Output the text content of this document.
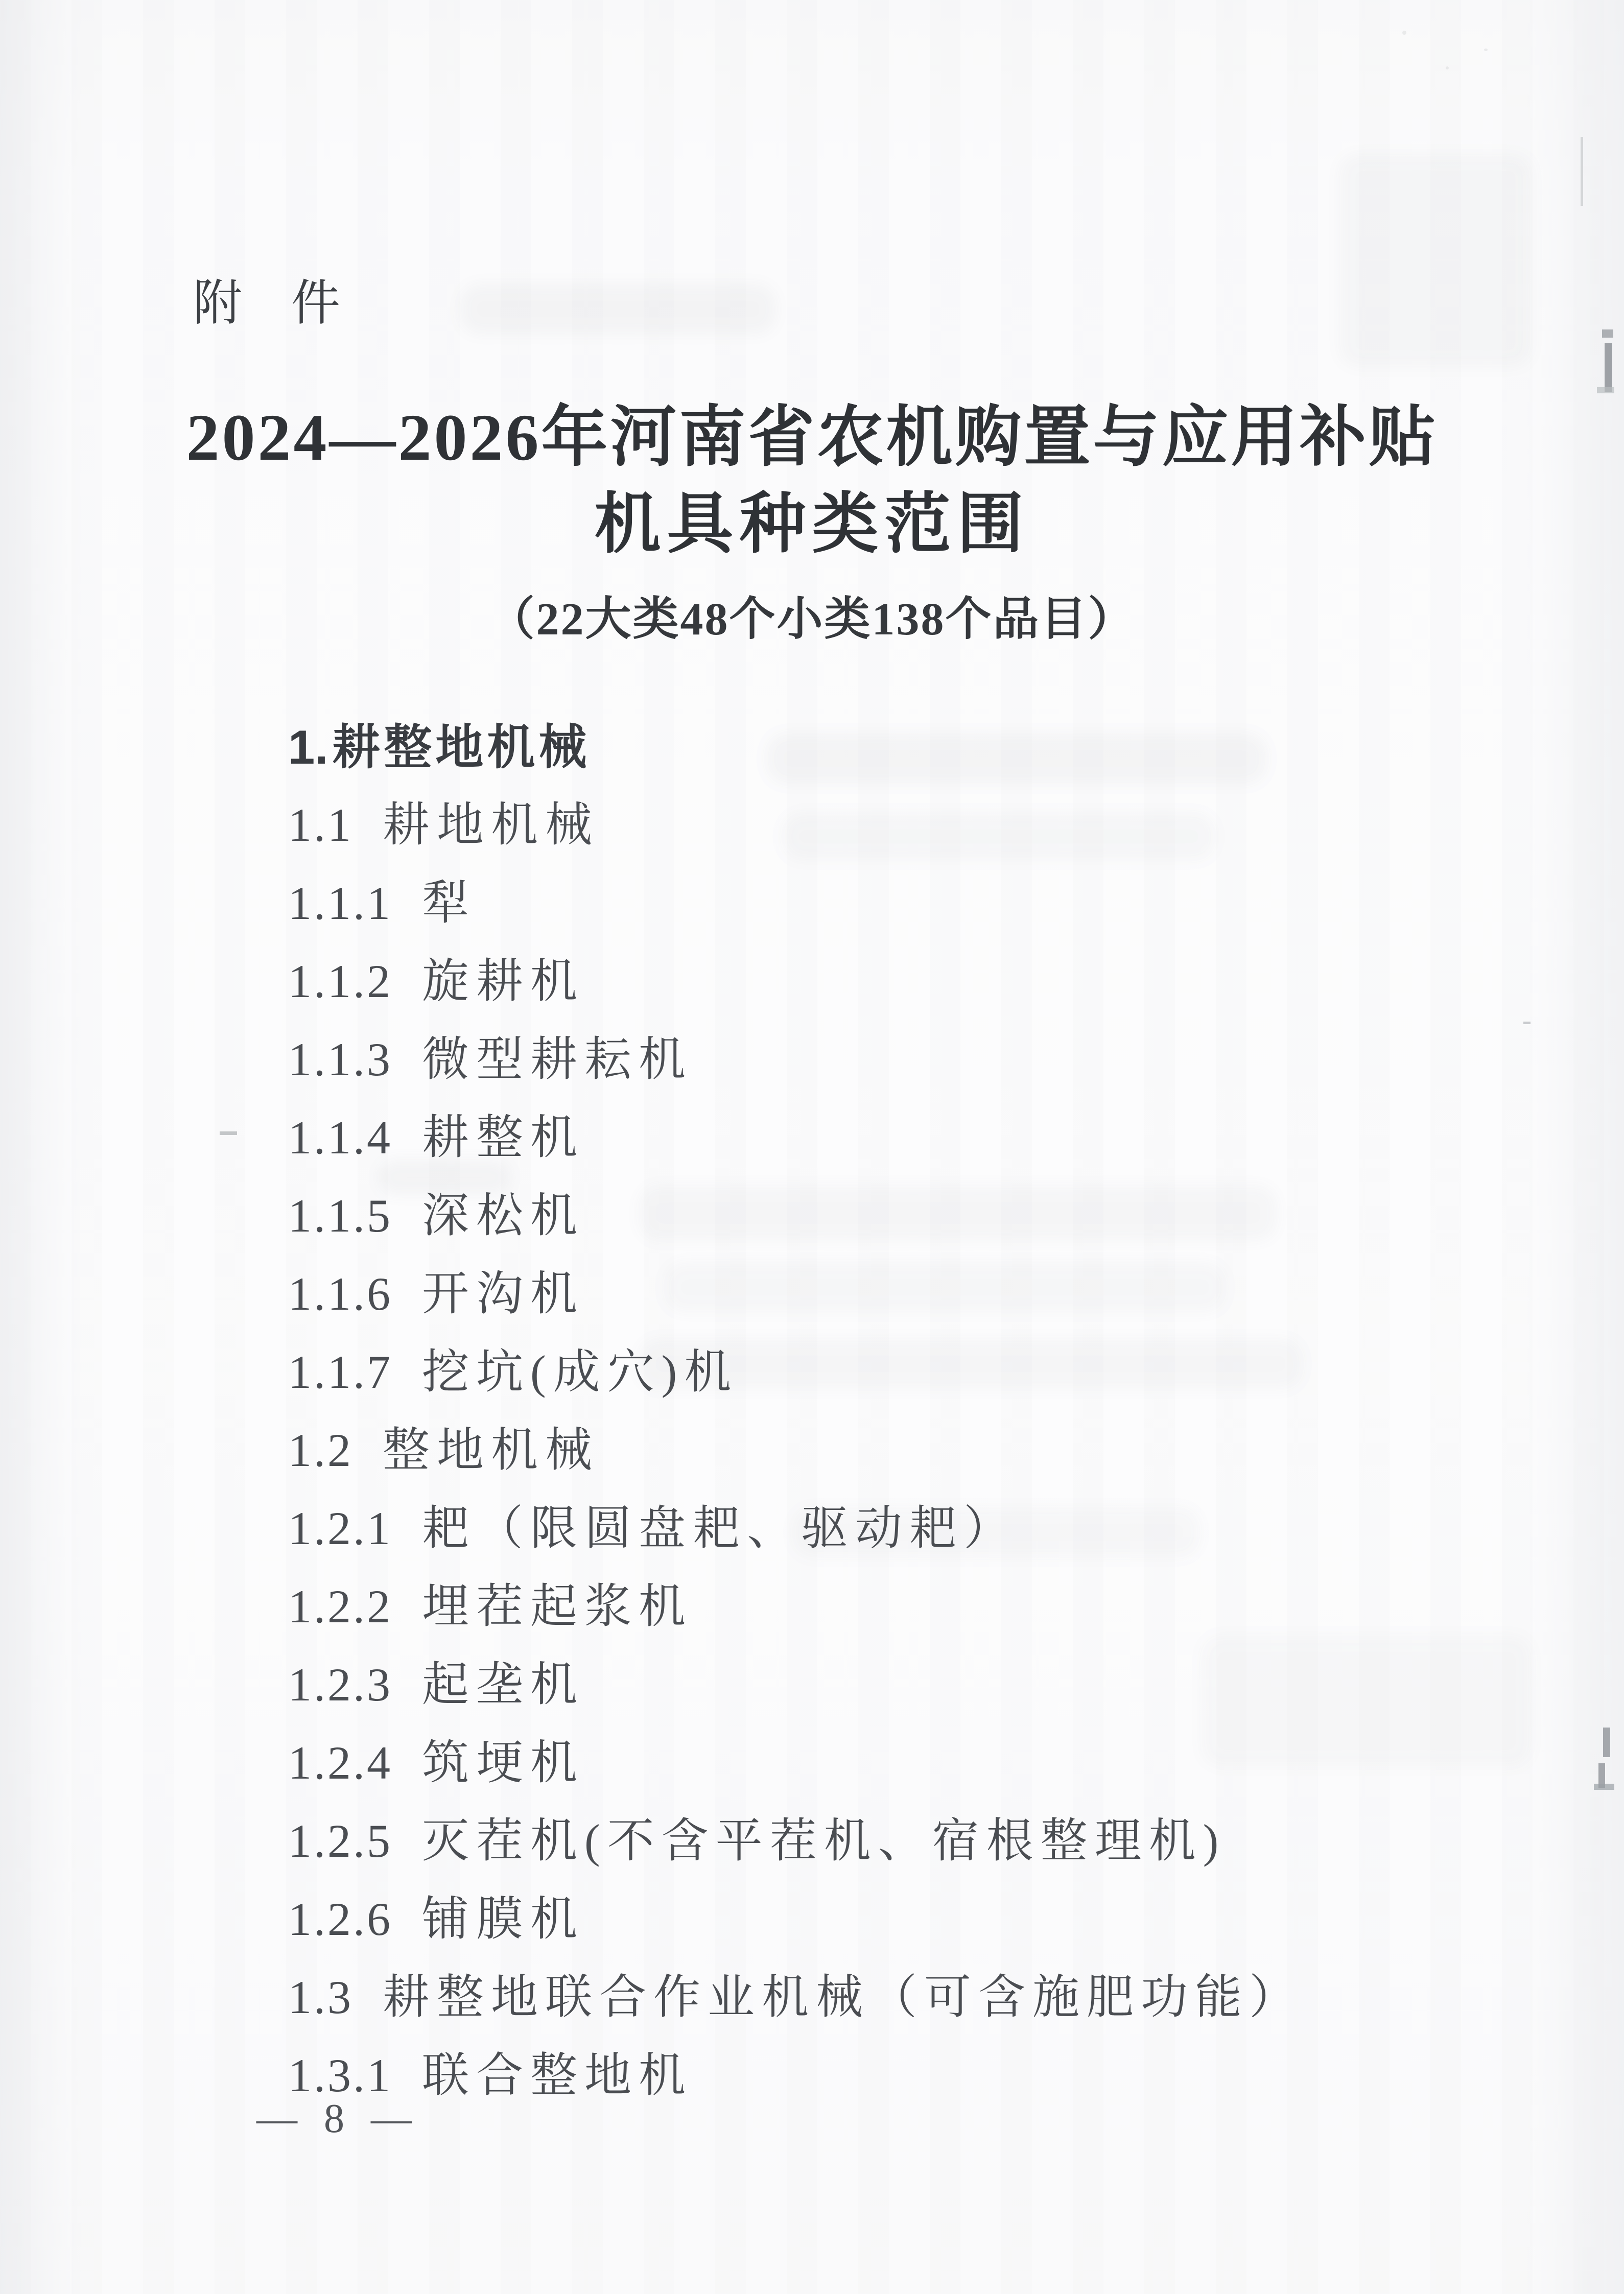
附　件
2024—2026年河南省农机购置与应用补贴
机具种类范围
（22大类48个小类138个品目）
1.耕整地机械
1.1 耕地机械
1.1.1 犁
1.1.2 旋耕机
1.1.3 微型耕耘机
1.1.4 耕整机
1.1.5 深松机
1.1.6 开沟机
1.1.7 挖坑(成穴)机
1.2 整地机械
1.2.1 耙（限圆盘耙、驱动耙）
1.2.2 埋茬起浆机
1.2.3 起垄机
1.2.4 筑埂机
1.2.5 灭茬机(不含平茬机、宿根整理机)
1.2.6 铺膜机
1.3 耕整地联合作业机械（可含施肥功能）
1.3.1 联合整地机
— 8 —
